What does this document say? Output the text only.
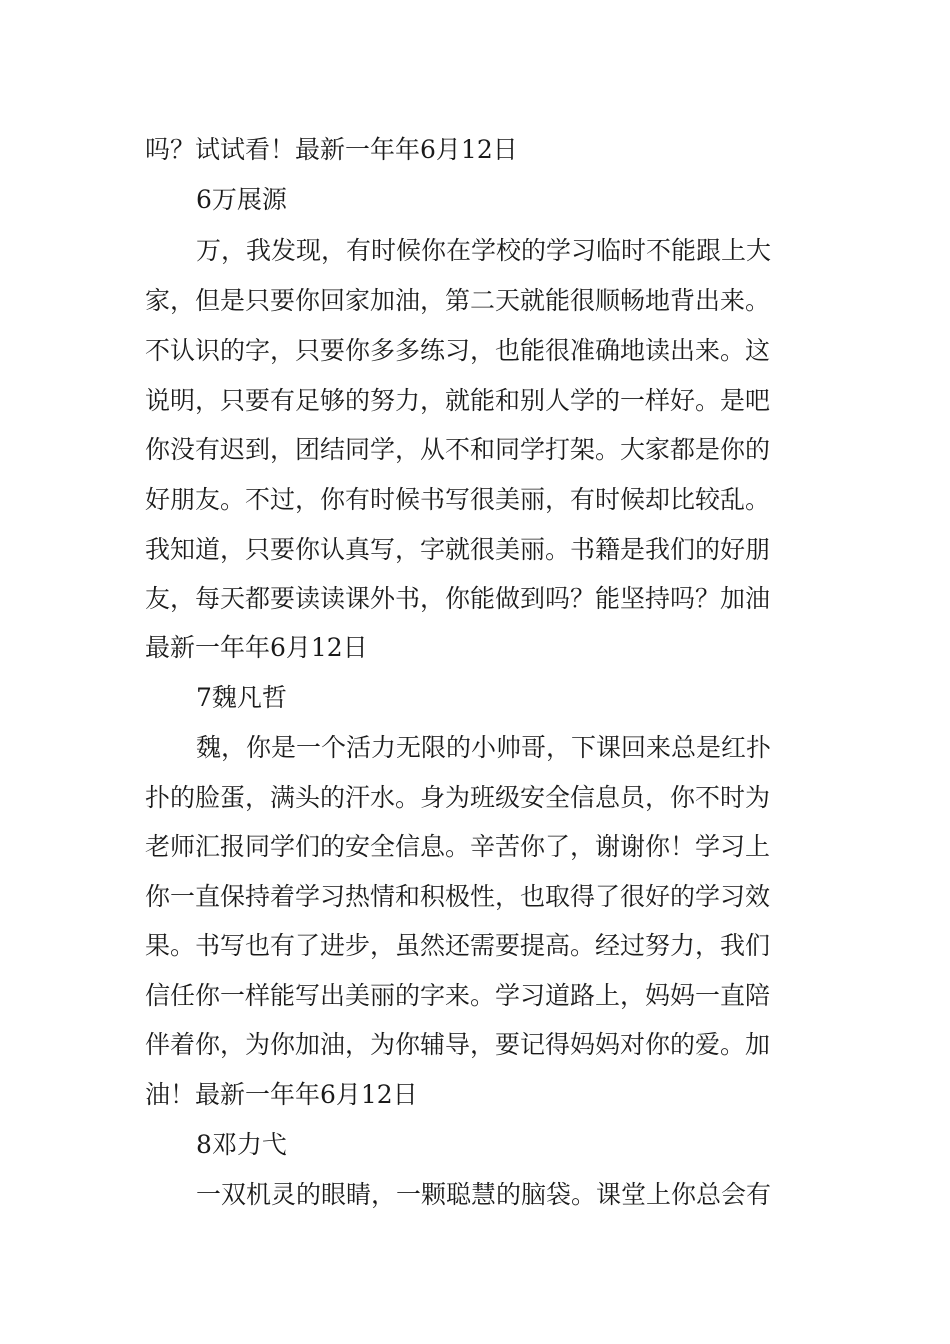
吗？试试看！最新一年年6月12日
6万展源
万，我发现，有时候你在学校的学习临时不能跟上大
家，但是只要你回家加油，第二天就能很顺畅地背出来。
不认识的字，只要你多多练习，也能很准确地读出来。这
说明，只要有足够的努力，就能和别人学的一样好。是吧
你没有迟到，团结同学，从不和同学打架。大家都是你的
好朋友。不过，你有时候书写很美丽，有时候却比较乱。
我知道，只要你认真写，字就很美丽。书籍是我们的好朋
友，每天都要读读课外书，你能做到吗？能坚持吗？加油
最新一年年6月12日
7魏凡哲
魏，你是一个活力无限的小帅哥，下课回来总是红扑
扑的脸蛋，满头的汗水。身为班级安全信息员，你不时为
老师汇报同学们的安全信息。辛苦你了，谢谢你！学习上
你一直保持着学习热情和积极性，也取得了很好的学习效
果。书写也有了进步，虽然还需要提高。经过努力，我们
信任你一样能写出美丽的字来。学习道路上，妈妈一直陪
伴着你，为你加油，为你辅导，要记得妈妈对你的爱。加
油！最新一年年6月12日
8邓力弋
一双机灵的眼睛，一颗聪慧的脑袋。课堂上你总会有
